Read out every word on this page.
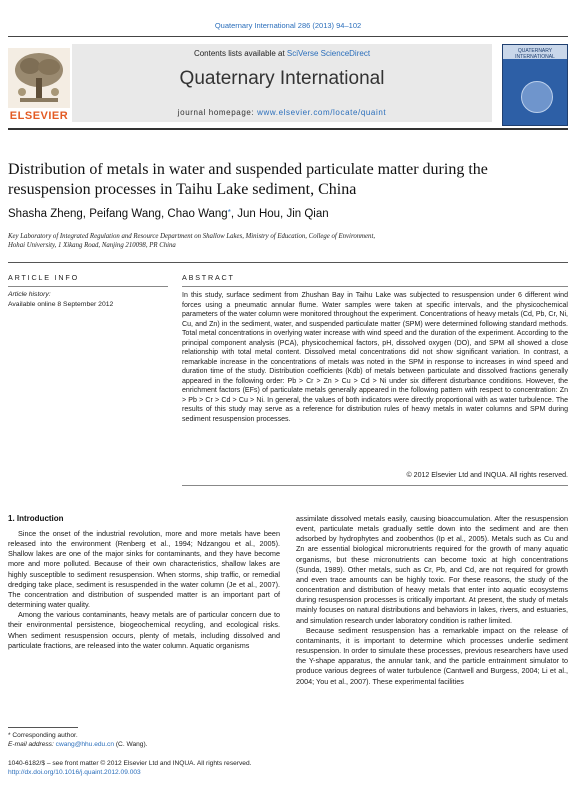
Quaternary International 286 (2013) 94–102
ELSEVIER
Contents lists available at SciVerse ScienceDirect
Quaternary International
journal homepage: www.elsevier.com/locate/quaint
QUATERNARY INTERNATIONAL
Distribution of metals in water and suspended particulate matter during the resuspension processes in Taihu Lake sediment, China
Shasha Zheng, Peifang Wang, Chao Wang*, Jun Hou, Jin Qian
Key Laboratory of Integrated Regulation and Resource Department on Shallow Lakes, Ministry of Education, College of Environment,
Hohai University, 1 Xikang Road, Nanjing 210098, PR China
ARTICLE INFO	ABSTRACT
Article history:
Available online 8 September 2012
In this study, surface sediment from Zhushan Bay in Taihu Lake was subjected to resuspension under 6 different wind forces using a pneumatic annular flume. Water samples were taken at specific intervals, and the physicochemical parameters of the water column were monitored throughout the experiment. Concentrations of heavy metals (Cd, Pb, Cr, Ni, Cu, and Zn) in the sediment, water, and suspended particulate matter (SPM) were determined following standard methods. Total metal concentrations in overlying water increase with wind speed and the duration of the experiment. According to the principal component analysis (PCA), physicochemical factors, pH, dissolved oxygen (DO), and SPM all showed a close relationship with total metal content. Dissolved metal concentrations did not show significant variation. In contrast, a remarkable increase in the concentrations of metals was noted in the SPM in response to increases in wind speed and duration time of the study. Distribution coefficients (Kdb) of metals between particulate and dissolved fractions generally appeared in the following order: Pb > Cr > Zn > Cu > Cd > Ni under six different disturbance conditions. However, the enrichment factors (EFs) of particulate metals generally appeared in the following pattern with respect to concentration: Zn > Pb > Cr > Cd > Cu > Ni. In general, the values of both indicators were directly proportional with as water turbulence. The results of this study may serve as a reference for distribution rules of heavy metals in water columns and SPM during sediment resuspension processes.
© 2012 Elsevier Ltd and INQUA. All rights reserved.
1. Introduction

Since the onset of the industrial revolution, more and more metals have been released into the environment (Renberg et al., 1994; Ndzangou et al., 2005). Shallow lakes are one of the major sinks for contaminants, and they have become more and more polluted. Because of their own characteristics, shallow lakes are highly susceptible to sediment resuspension. When storms, ship traffic, or remedial dredging take place, sediment is resuspended in the water column (Je et al., 2007). The concentration and distribution of suspended matter is an important part of determining water quality.

Among the various contaminants, heavy metals are of particular concern due to their environmental persistence, biogeochemical recycling, and ecological risks. When sediment resuspension occurs, plenty of metals, including dissolved and particulate fractions, are released into the water column. Aquatic organisms

assimilate dissolved metals easily, causing bioaccumulation. After the resuspension event, particulate metals gradually settle down into the sediment and are then adsorbed by hydrophytes and zoobenthos (Ip et al., 2005). Metals such as Cu and Zn are essential biological micronutrients required for the growth of many aquatic organisms, but these micronutrients can become toxic at high concentrations (Sunda, 1989). Other metals, such as Cr, Pb, and Cd, are not required for growth and even trace amounts can be highly toxic. For these reasons, the study of the concentration and distribution of heavy metals that enter into aquatic ecosystems during resuspension processes is critically important. At present, the study of metals mainly focuses on natural distributions and behaviors in lakes, rivers, and estuaries, and simulation research under laboratory condition is rather limited.

Because sediment resuspension has a remarkable impact on the release of contaminants, it is important to determine which processes underlie sediment resuspension. In order to simulate these processes, previous researchers have used the Y-shape apparatus, the annular tank, and the particle entrainment simulator to produce various degrees of water turbulence (Cantwell and Burgess, 2004; Li et al., 2004; You et al., 2007). These experimental facilities

* Corresponding author.
E-mail address: cwang@hhu.edu.cn (C. Wang).
1040-6182/$ – see front matter © 2012 Elsevier Ltd and INQUA. All rights reserved.
http://dx.doi.org/10.1016/j.quaint.2012.09.003
